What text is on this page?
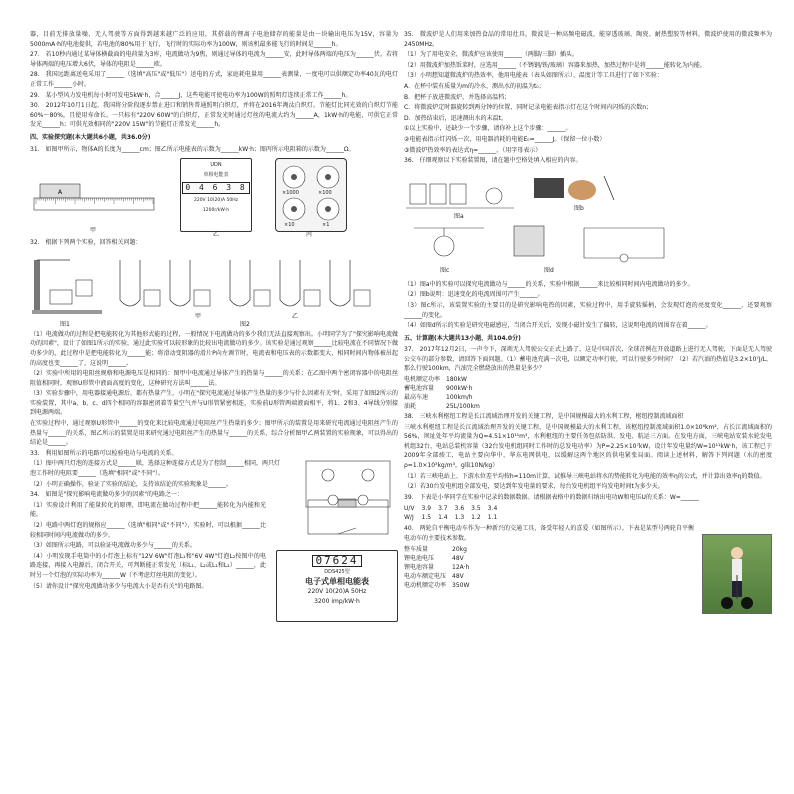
器，目前无排放量噪、无人驾驶等方面得到越来越广泛的应用，其搭载的锂离子电池储存的能量是由一块输出电压为15V，容量为5000mA·h的电池提供，若电池的80%用于飞行，飞行时的实际功率为100W，则该机最多能飞行的时间是______h。
27.　若10秒内通过某导体横截面的电荷量为3库，电流做功为9焦，则通过导体的电流为______安，此时导体两端的电压为______伏。若将导体两端的电压增大6伏，导体的电阻是______欧。
28.　我国远距离送电采用了______（选填"高压"或"低压"）送电的方式，家庭耗电量用______表测量，一度电可以供额定功率40瓦的电灯正常工作______小时。
29.　某小型风力发电机每小时可发电5kW·h，合______J，这些电能可使电功率为100W的照明灯连续正常工作______h。
30.　2012年10月1日起，我国将分阶段逐步禁止进口和销售普通照明白炽灯，并将在2016年淘汰白炽灯。节能灯比同光效的白炽灯节能60%～80%，且使用寿命长。一只标有"220V 60W"的白炽灯，正常发光时通过灯丝的电流大约为______A，1kW·h的电能，可供它正常发光______h；可供光效相同的"220V 15W"的节能灯正常发光______h。
四、实验探究题(本大题共6小题，共36.0分)
31.　如图甲所示，物体A的长度为______cm；图乙所示电能表的示数为______kW·h；图丙所示电阻箱的示数为______Ω。
A
UDN
单相电能表
0 4 6 3 8
220V 10(20)A 50Hz
1200r/kW·h
×1000	×100
×10	×1
甲
乙	丙
32.　根据下列两个实验，回答相关问题：
图1	图2
甲	乙
（1）电流做功的过程是把电能转化为其他形式能的过程，一般情况下电流做功的多少我们无法直接观察出。小明同学为了"探究影响电流做功的因素"，设计了如图1所示的实验，通过此实验可以较形象的比较出电流做功的多少。该实验是通过观察______比较电流在不同情况下做功多少的，此过程中是把电能转化为______能；将滑动变阻器的滑片P向左调节时，电流表和电压表的示数都变大，相同时间内物体被吊起的高度也变______了，这说明______。
（2）实验中所用的电阻丝规格和电源电压是相同的：图甲中电流通过导体产生的热量与______的关系；在乙图中两个密闭容器中的电阻丝阻值相同时，观察U形管中液面高度的变化，这种研究方法叫______法。
（3）实验步骤中，用电器接通电源后，都有热量产生，小明在"探究电流通过导体产生热量的多少与什么因素有关"时，采用了如图2所示的实验装置，其中a、b、c、d四个相同的容器密闭着等量空气并与U形管紧密相连，实验前U形管两端液面相平，将1、2和3、4导线分别接到电源两端。
在实验过程中，通过观察U形管中______的变化来比较电流通过电阻丝产生热量的多少；图甲所示的装置是用来研究电流通过电阻丝产生的热量与______的关系，图乙所示的装置是用来研究通过电阻丝产生的热量与______的关系，综合分析图甲乙两装置的实验现象，可以得出的结论是______。
33.　利用如图所示的电路可以检验电功与电流的关系。
（1）图中两只灯泡的连接方式是______联，选择这种连接方式是为了控制______相同，两只灯泡工作时的电阻要______（选填"相同"或"不同"）。
（2）小明正确操作，验证了实验的结论，支持该结论的实验现象是______。
34.　如图是"探究影响电流做功多少的因素"的电路之一：
（1）实验设计利用了能量转化的原理，即电流在做功过程中把______能转化为内能和光能。
（2）电路中两灯泡的规格应______（选填"相同"或"不同"），实验时，可以根据______比较相同时间内电流做功的多少。
（3）如图所示电路，可以验证电流做功多少与______的关系。
（4）小明发现手电筒中的小灯泡上标有"12V 6W"灯泡L₁和"6V 4W"灯泡L₂按图中的电路连接，再接入电源后，闭合开关，可判断能正常发光（标L₁、L₂或L₁和L₂）______，此时另一个灯泡的实际功率为______W（不考虑灯丝电阻的变化）。
（5）请你设计"探究电流做功多少与电流大小是否有关"的电路图。
07624
DDS425型
电子式单相电能表
220V 10(20)A 50Hz
3200 imp/kW·h
35.　微波炉是人们用来加热食品的常用灶具，微波是一种高频电磁波，能穿透玻璃、陶瓷、耐热塑胶等材料，微波炉使用的微波频率为2450MHz。
（1）为了用电安全，微波炉应该使用______（两脚/三脚）插头。
（2）用微波炉加热饭菜时，应选用______（不锈钢/铁/玻璃）容器来加热，加热过程中是将______能转化为内能。
（3）小明想知道微波炉的热效率，他用电能表（表头如图所示）、温度计等工具进行了如下实验：
A．在杯中装有质量为m的冷水，测出水的初温为t₀；
B．把杯子放进微波炉，并选择高温档；
C．将微波炉定时器旋转到两分钟的位置，同时记录电能表指示灯在这个时间内闪烁的次数n；
D．加热结束后，迅速测出水的末温t。
①以上实验中，还缺少一个步骤，请你补上这个步骤：______。
②电能表指示灯闪烁一次，用电器消耗的电能E₀=______J。（保留一位小数）
③微波炉热效率的表达式η=______。（用字母表示）
36.　仔细观察以下实验装置图，请在题中空格处填入相应的内容。
图a
图b
图c	图d
（1）图a中的实验可以探究电流做功与______的关系，实验中根据______来比较相同时间内电流做功的多少。
（2）图b说明：迅速变化的电流周围可产生______。
（3）图c所示，该装置实验的主要目的是研究影响电热的因素，实验过程中，用手旋转摇柄，会发现灯泡的亮度变化______，还要观察______的变化。
（4）如图d所示的实验是研究电磁感应，当闭合开关后，发现小磁针发生了偏转，这说明电流的周围存在着______。
五、计算题(本大题共13小题，共104.0分)
37.　2017年12月2日，一声令下，深圳无人驾驶公交正式上路了，这是中国首次，全球首例在开放道路上进行无人驾驶，下面是无人驾驶公交车的部分参数，请回答下面问题。（1）蓄电池充满一次电，以额定功率行驶，可以行驶多少时间？（2）若汽油的热值是3.2×10⁷J/L，那么行驶100km，汽油完全燃烧放出的热量是多少？
电机额定功率	180kW
蓄电池容量	900kW·h
最高车速	100km/h
油耗	25L/100km
38.　三峡水利枢纽工程是长江流域治理开发的关键工程，是中国规模最大的水利工程，枢纽控制流域面积
三峡水利枢纽工程是长江流域治理开发的关键工程，是中国规模最大的水利工程，该枢纽控制流域面积1.0×10⁶km²，占长江流域面积的56%，坝址处年平均流量为Q=4.51×10¹¹m³，水利枢纽的主要任务包括防洪、发电、航运三方面。在发电方面，三峡电站安装水轮发电机组32台，电站总装机容量（32台发电机组同时工作时的总发电功率）为P=2.25×10⁷kW，设计年发电量约W=10¹¹kW·h，该工程已于2009年全部竣工，电站主要向华中、华东电网供电，以缓解这两个地区的供电紧张局面。阅读上述材料，解答下列问题（水的密度ρ=1.0×10³kg/m³，g取10N/kg）
（1）若三峡电站上、下游水位差平均按h=110m计算，试推导三峡电站将水的势能转化为电能的效率η的公式，并计算出效率η的数值。
（2）若30台发电机组全部发电，要达到年发电量的要求，每台发电机组平均发电时间t为多少天。
39.　下表是小华同学在实验中记录的数据数据。请根据表格中的数据归纳出电功W和电压U的关系：W=______
U/V	3.9	3.7	3.6	3.5	3.4
W/J	1.5	1.4	1.3	1.2	1.1
40.　两轮自平衡电动车作为一种新兴的交通工具，备受年轻人的喜爱（如图所示）。下表是某型号两轮自平衡电动车的主要技术参数。
整车质量	20kg
锂电池电压	48V
锂电池容量	12A·h
电动车额定电压	48V
电动机额定功率	350W
